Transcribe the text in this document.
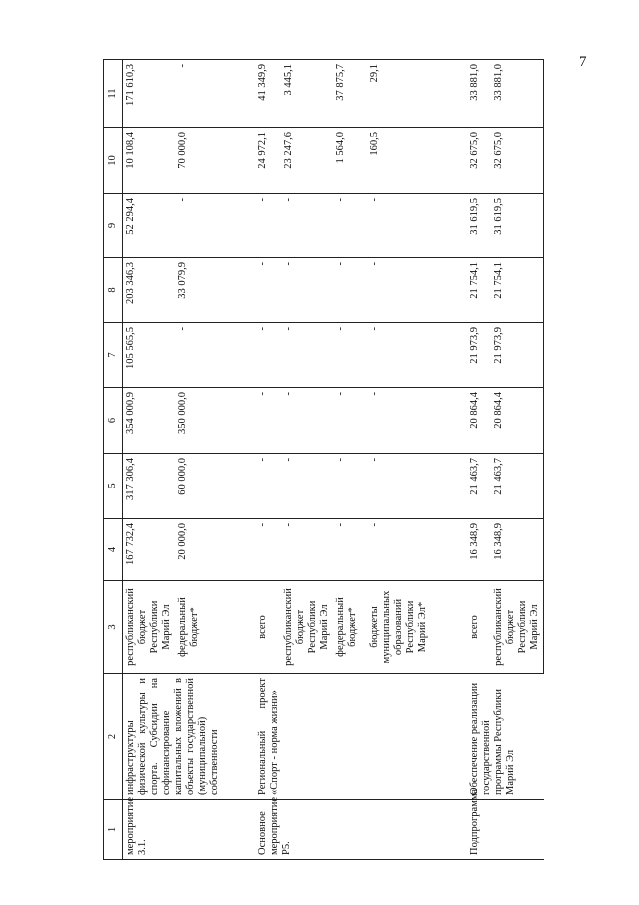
7
1	2	3	4	5	6	7	8	9	10	11
мероприятие 3.1.	инфраструктуры физической культуры и спорта. Субсидии на софинансирование капитальных вложений в объекты государственной (муниципальной) собственности	республиканский бюджет Республики Марий Эл	167 732,4	317 306,4	354 000,9	105 565,5	203 346,3	52 294,4	10 108,4	171 610,3
		федеральный бюджет*	20 000,0	60 000,0	350 000,0	-	33 079,9	-	70 000,0	-
Основное мероприятие Р5.	Региональный проект «Спорт - норма жизни»	всего	-	-	-	-	-	-	24 972,1	41 349,9
		республиканский бюджет Республики Марий Эл	-	-	-	-	-	-	23 247,6	3 445,1
		федеральный бюджет*	-	-	-	-	-	-	1 564,0	37 875,7
		бюджеты муниципальных образований Республики Марий Эл*	-	-	-	-	-	-	160,5	29,1
Подпрограмма	Обеспечение реализации государственной программы Республики Марий Эл	всего	16 348,9	21 463,7	20 864,4	21 973,9	21 754,1	31 619,5	32 675,0	33 881,0
		республиканский бюджет Республики Марий Эл	16 348,9	21 463,7	20 864,4	21 973,9	21 754,1	31 619,5	32 675,0	33 881,0
